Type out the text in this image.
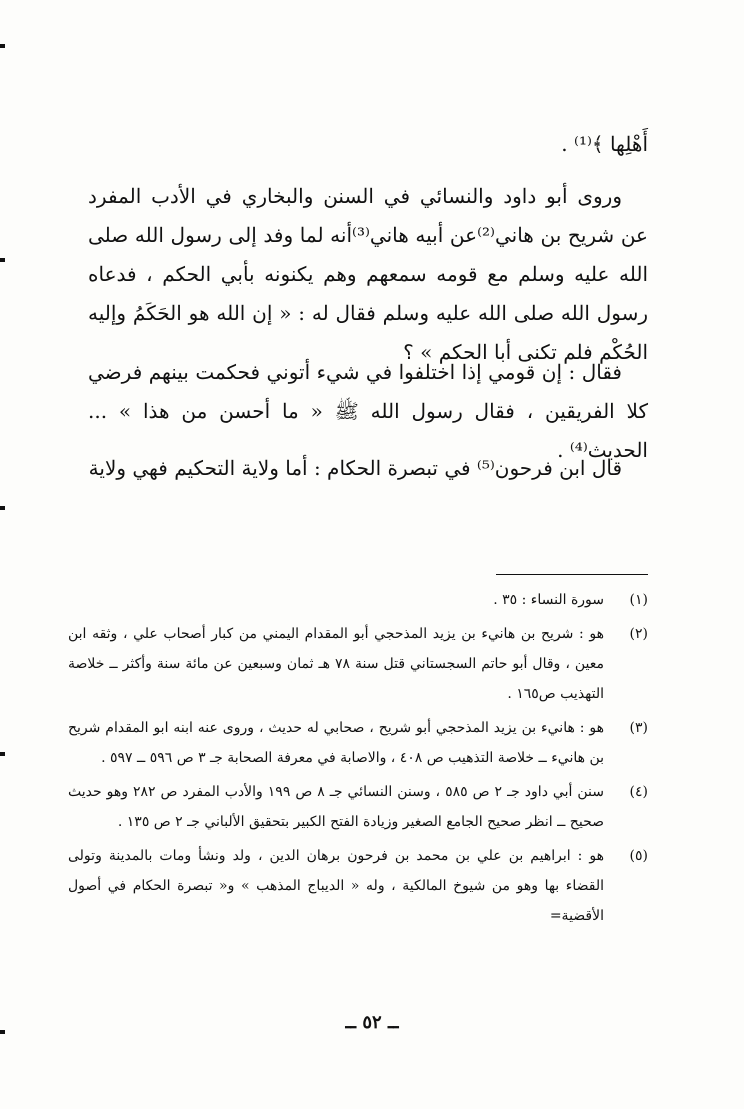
أَهْلِها ﴾⁽¹⁾ .

وروى أبو داود والنسائي في السنن والبخاري في الأدب المفرد عن شريح بن هاني⁽²⁾عن أبيه هاني⁽³⁾أنه لما وفد إلى رسول الله صلى الله عليه وسلم مع قومه سمعهم وهم يكنونه بأبي الحكم ، فدعاه رسول الله صلى الله عليه وسلم فقال له : « إن الله هو الحَكَمُ وإليه الحُكْم فلم تكنى أبا الحكم » ؟

فقال : إن قومي إذا اختلفوا في شيء أتوني فحكمت بينهم فرضي كلا الفريقين ، فقال رسول الله ﷺ « ما أحسن من هذا » ... الحديث⁽⁴⁾ .

قال ابن فرحون⁽⁵⁾ في تبصرة الحكام : أما ولاية التحكيم فهي ولاية

(١)
سورة النساء : ٣٥ .
(٢)
هو : شريح بن هانيء بن يزيد المذحجي أبو المقدام اليمني من كبار أصحاب علي ، وثقه ابن معين ، وقال أبو حاتم السجستاني قتل سنة ٧٨ هـ ثمان وسبعين عن مائة سنة وأكثر ــ خلاصة التهذيب ص١٦٥ .
(٣)
هو : هانيء بن يزيد المذحجي أبو شريح ، صحابي له حديث ، وروى عنه ابنه ابو المقدام شريح بن هانيء ــ خلاصة التذهيب ص ٤٠٨ ، والاصابة في معرفة الصحابة جـ ٣ ص ٥٩٦ ــ ٥٩٧ .
(٤)
سنن أبي داود جـ ٢ ص ٥٨٥ ، وسنن النسائي جـ ٨ ص ١٩٩ والأدب المفرد ص ٢٨٢ وهو حديث صحيح ــ انظر صحيح الجامع الصغير وزيادة الفتح الكبير بتحقيق الألباني جـ ٢ ص ١٣٥ .
(٥)
هو : ابراهيم بن علي بن محمد بن فرحون برهان الدين ، ولد ونشأ ومات بالمدينة وتولى القضاء بها وهو من شيوخ المالكية ، وله « الديباج المذهب » و« تبصرة الحكام في أصول الأقضية=
ــ ٥٢ ــ
